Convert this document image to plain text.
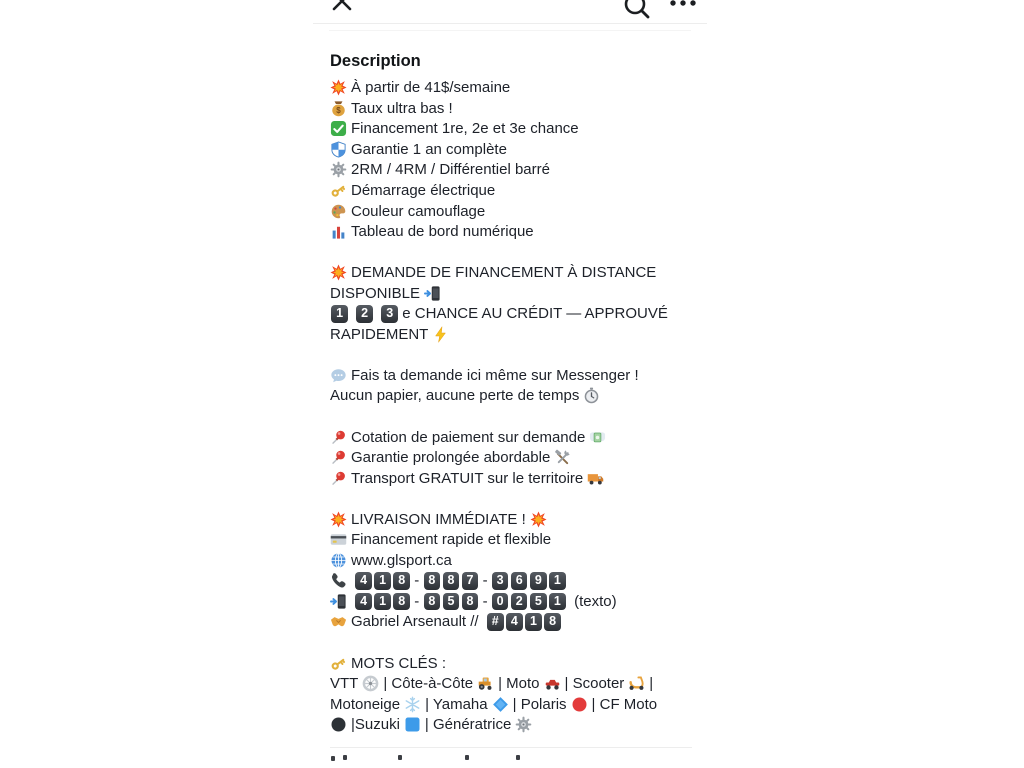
Description
À partir de 41$/semaine
$ Taux ultra bas !
Financement 1re, 2e et 3e chance
Garantie 1 an complète
2RM / 4RM / Différentiel barré
Démarrage électrique
Couleur camouflage
Tableau de bord numérique
DEMANDE DE FINANCEMENT À DISTANCE
DISPONIBLE
1	2	3 e CHANCE AU CRÉDIT — APPROUVÉ
RAPIDEMENT
Fais ta demande ici même sur Messenger !
Aucun papier, aucune perte de temps
Cotation de paiement sur demande
Garantie prolongée abordable
Transport GRATUIT sur le territoire
LIVRAISON IMMÉDIATE !
Financement rapide et flexible
www.glsport.ca
4 1 8 - 8 8 7 - 3 6 9 1
4 1 8 - 8 5 8 - 0 2 5 1 (texto)
Gabriel Arsenault // # 4 1 8
MOTS CLÉS :
VTT | Côte-à-Côte | Moto | Scooter |
Motoneige | Yamaha | Polaris | CF Moto
|Suzuki | Génératrice
